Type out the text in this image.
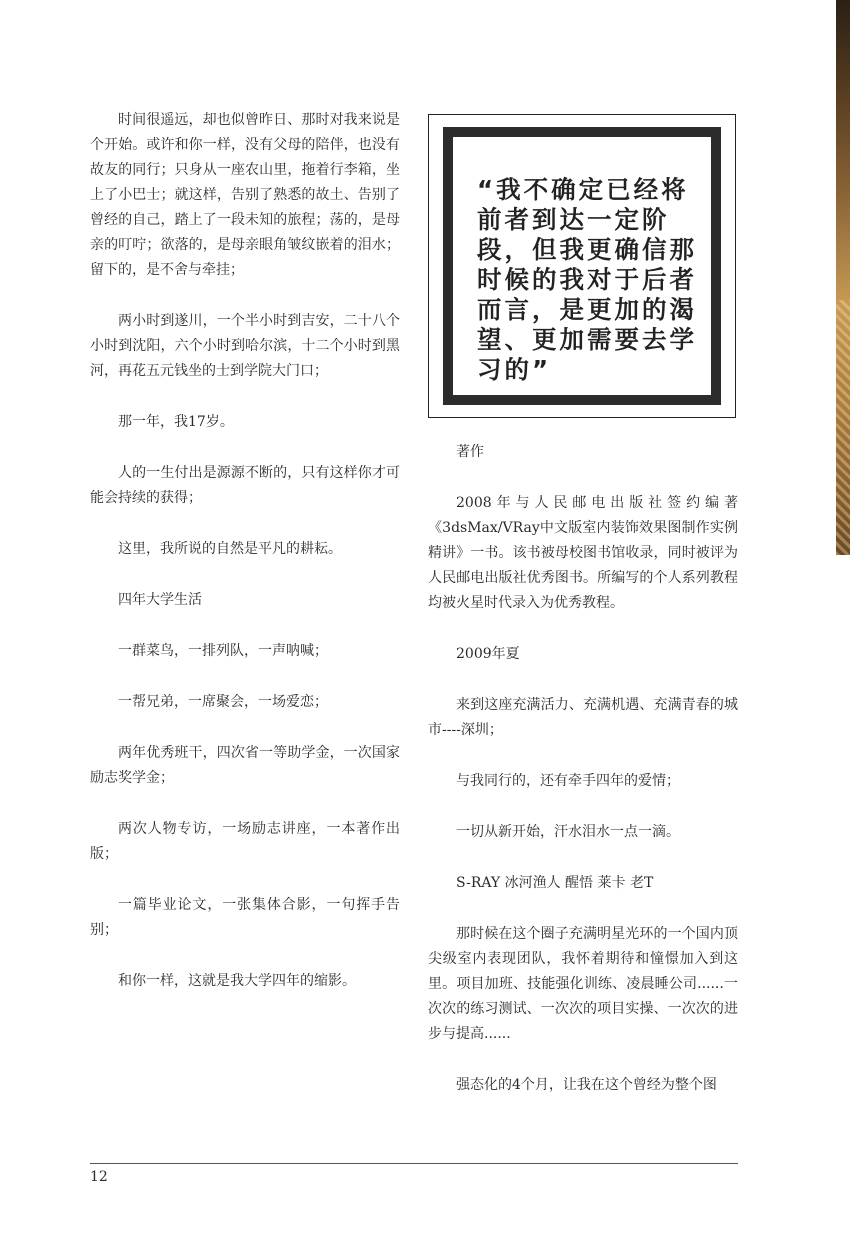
时间很遥远，却也似曾昨日、那时对我来说是个开始。或许和你一样，没有父母的陪伴，也没有故友的同行；只身从一座农山里，拖着行李箱，坐上了小巴士；就这样，告别了熟悉的故土、告别了曾经的自己，踏上了一段未知的旅程；荡的，是母亲的叮咛；欲落的，是母亲眼角皱纹嵌着的泪水；留下的，是不舍与牵挂；

两小时到遂川，一个半小时到吉安，二十八个小时到沈阳，六个小时到哈尔滨，十二个小时到黑河，再花五元钱坐的士到学院大门口；

那一年，我17岁。

人的一生付出是源源不断的，只有这样你才可能会持续的获得；

这里，我所说的自然是平凡的耕耘。

四年大学生活

一群菜鸟，一排列队，一声呐喊；

一帮兄弟，一席聚会，一场爱恋；

两年优秀班干，四次省一等助学金，一次国家励志奖学金；

两次人物专访，一场励志讲座，一本著作出版；

一篇毕业论文，一张集体合影，一句挥手告别；

和你一样，这就是我大学四年的缩影。

“我不确定已经将前者到达一定阶段，但我更确信那时候的我对于后者而言，是更加的渴望、更加需要去学习的”

著作

2008年与人民邮电出版社签约编著《3dsMax/VRay中文版室内装饰效果图制作实例精讲》一书。该书被母校图书馆收录，同时被评为人民邮电出版社优秀图书。所编写的个人系列教程均被火星时代录入为优秀教程。

2009年夏

来到这座充满活力、充满机遇、充满青春的城市----深圳；

与我同行的，还有牵手四年的爱情；

一切从新开始，汗水泪水一点一滴。

S-RAY 冰河渔人 醒悟 莱卡 老T

那时候在这个圈子充满明星光环的一个国内顶尖级室内表现团队，我怀着期待和憧憬加入到这里。项目加班、技能强化训练、凌晨睡公司......一次次的练习测试、一次次的项目实操、一次次的进步与提高......

强态化的4个月，让我在这个曾经为整个图

12
